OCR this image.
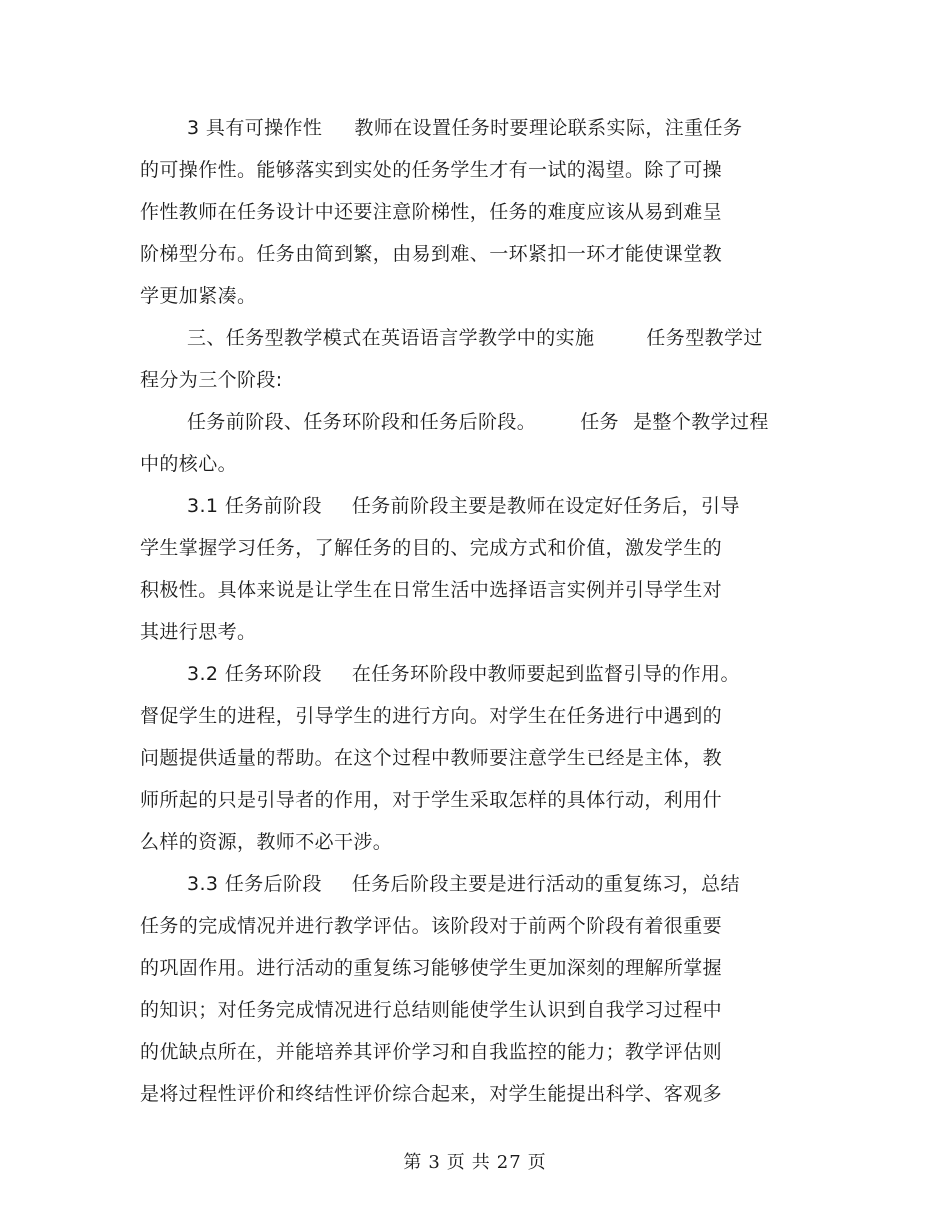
3 具有可操作性 教师在设置任务时要理论联系实际，注重任务
的可操作性。能够落实到实处的任务学生才有一试的渴望。除了可操
作性教师在任务设计中还要注意阶梯性，任务的难度应该从易到难呈
阶梯型分布。任务由简到繁，由易到难、一环紧扣一环才能使课堂教
学更加紧凑。
三、任务型教学模式在英语语言学教学中的实施	任务型教学过
程分为三个阶段:
任务前阶段、任务环阶段和任务后阶段。 任务 是整个教学过程
中的核心。
3.1 任务前阶段 任务前阶段主要是教师在设定好任务后，引导
学生掌握学习任务，了解任务的目的、完成方式和价值，激发学生的
积极性。具体来说是让学生在日常生活中选择语言实例并引导学生对
其进行思考。
3.2 任务环阶段 在任务环阶段中教师要起到监督引导的作用。
督促学生的进程，引导学生的进行方向。对学生在任务进行中遇到的
问题提供适量的帮助。在这个过程中教师要注意学生已经是主体，教
师所起的只是引导者的作用，对于学生采取怎样的具体行动，利用什
么样的资源，教师不必干涉。
3.3 任务后阶段 任务后阶段主要是进行活动的重复练习，总结
任务的完成情况并进行教学评估。该阶段对于前两个阶段有着很重要
的巩固作用。进行活动的重复练习能够使学生更加深刻的理解所掌握
的知识；对任务完成情况进行总结则能使学生认识到自我学习过程中
的优缺点所在，并能培养其评价学习和自我监控的能力；教学评估则
是将过程性评价和终结性评价综合起来，对学生能提出科学、客观多
第 3 页 共 27 页
